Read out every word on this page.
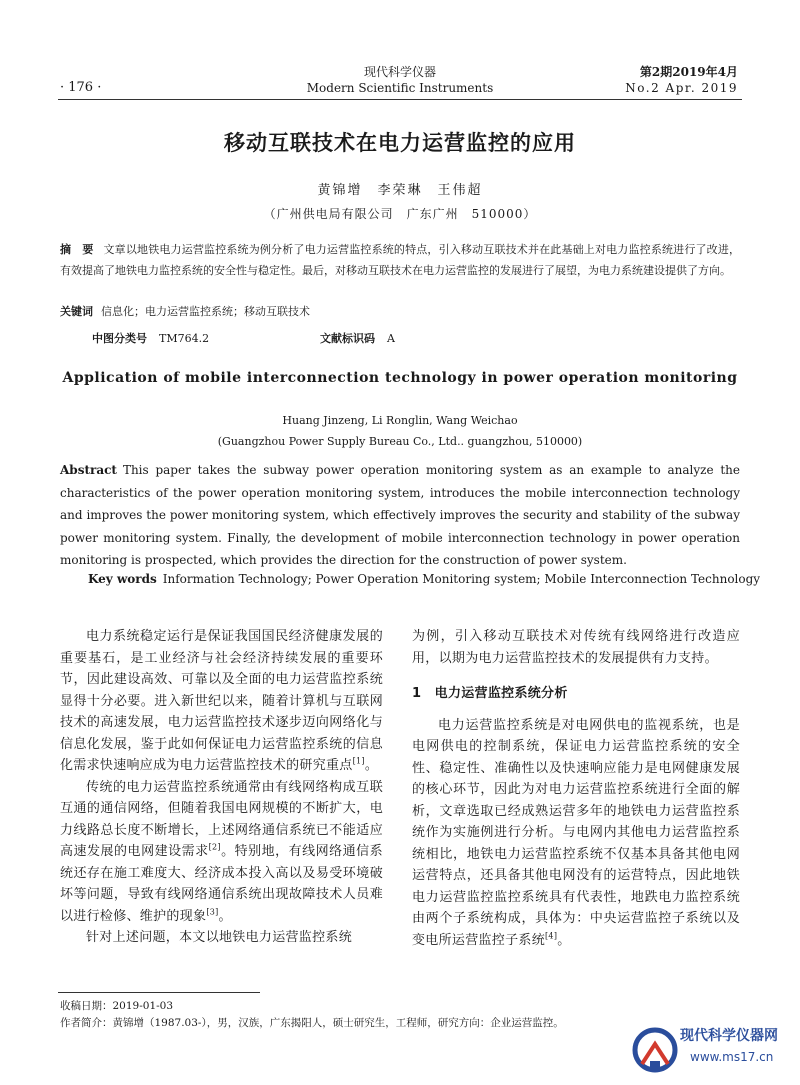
· 176 ·
现代科学仪器
Modern Scientific Instruments
第2期2019年4月
No.2 Apr. 2019
移动互联技术在电力运营监控的应用
黄锦增　李荣琳　王伟超
（广州供电局有限公司　广东广州　510000）
摘　要 文章以地铁电力运营监控系统为例分析了电力运营监控系统的特点，引入移动互联技术并在此基础上对电力监控系统进行了改进，有效提高了地铁电力监控系统的安全性与稳定性。最后，对移动互联技术在电力运营监控的发展进行了展望，为电力系统建设提供了方向。
关键词 信息化；电力运营监控系统；移动互联技术
中图分类号 TM764.2	文献标识码 A
Application of mobile interconnection technology in power operation monitoring
Huang Jinzeng, Li Ronglin, Wang Weichao
(Guangzhou Power Supply Bureau Co., Ltd.. guangzhou, 510000)
Abstract This paper takes the subway power operation monitoring system as an example to analyze the characteristics of the power operation monitoring system, introduces the mobile interconnection technology and improves the power monitoring system, which effectively improves the security and stability of the subway power monitoring system. Finally, the development of mobile interconnection technology in power operation monitoring is prospected, which provides the direction for the construction of power system.
Key words Information Technology; Power Operation Monitoring system; Mobile Interconnection Technology

电力系统稳定运行是保证我国国民经济健康发展的重要基石，是工业经济与社会经济持续发展的重要环节，因此建设高效、可靠以及全面的电力运营监控系统显得十分必要。进入新世纪以来，随着计算机与互联网技术的高速发展，电力运营监控技术逐步迈向网络化与信息化发展，鉴于此如何保证电力运营监控系统的信息化需求快速响应成为电力运营监控技术的研究重点[1]。

传统的电力运营监控系统通常由有线网络构成互联互通的通信网络，但随着我国电网规模的不断扩大，电力线路总长度不断增长，上述网络通信系统已不能适应高速发展的电网建设需求[2]。特别地，有线网络通信系统还存在施工难度大、经济成本投入高以及易受环境破坏等问题，导致有线网络通信系统出现故障技术人员难以进行检修、维护的现象[3]。

针对上述问题，本文以地铁电力运营监控系统

为例，引入移动互联技术对传统有线网络进行改造应用，以期为电力运营监控技术的发展提供有力支持。

1　电力运营监控系统分析

电力运营监控系统是对电网供电的监视系统，也是电网供电的控制系统，保证电力运营监控系统的安全性、稳定性、准确性以及快速响应能力是电网健康发展的核心环节，因此为对电力运营监控系统进行全面的解析，文章选取已经成熟运营多年的地铁电力运营监控系统作为实施例进行分析。与电网内其他电力运营监控系统相比，地铁电力运营监控系统不仅基本具备其他电网运营特点，还具备其他电网没有的运营特点，因此地铁电力运营监控监控系统具有代表性，地跌电力监控系统由两个子系统构成，具体为：中央运营监控子系统以及变电所运营监控子系统[4]。

收稿日期：2019-01-03
作者简介：黄锦增（1987.03-），男，汉族，广东揭阳人，硕士研究生，工程师，研究方向：企业运营监控。
现代科学仪器网
www.ms17.cn
